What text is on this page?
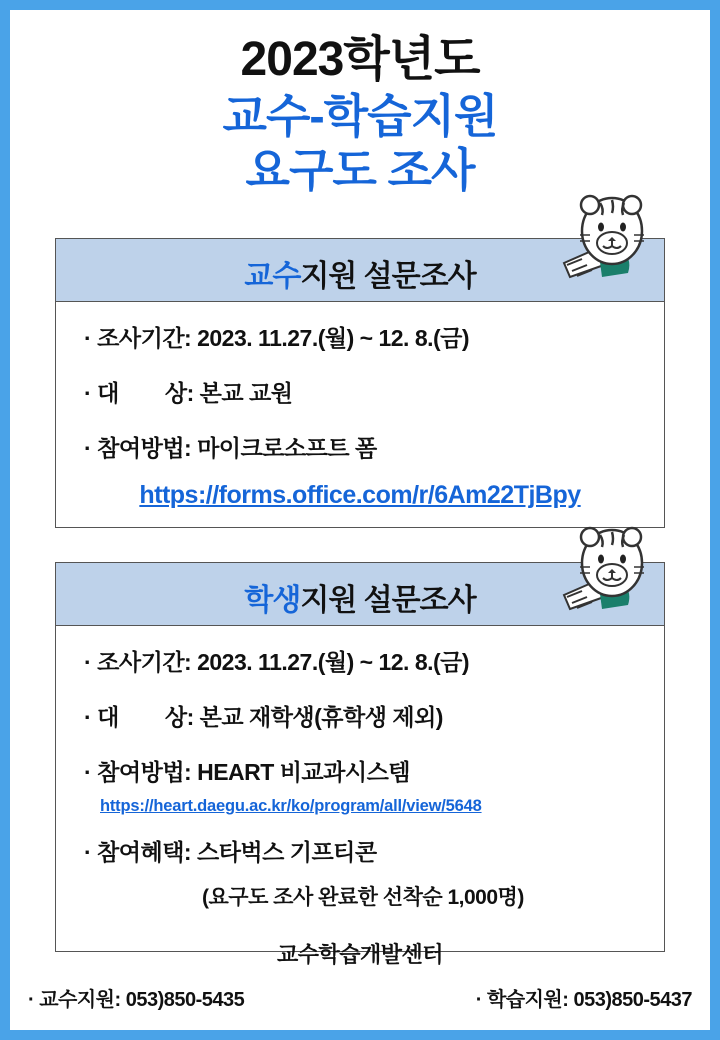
2023학년도
교수-학습지원
요구도 조사
교수지원 설문조사
· 조사기간: 2023. 11.27.(월) ~ 12. 8.(금)
· 대 상: 본교 교원
· 참여방법: 마이크로소프트 폼
https://forms.office.com/r/6Am22TjBpy
학생지원 설문조사
· 조사기간: 2023. 11.27.(월) ~ 12. 8.(금)
· 대 상: 본교 재학생(휴학생 제외)
· 참여방법: HEART 비교과시스템
https://heart.daegu.ac.kr/ko/program/all/view/5648
· 참여혜택: 스타벅스 기프티콘
(요구도 조사 완료한 선착순 1,000명)
교수학습개발센터
· 교수지원: 053)850-5435	· 학습지원: 053)850-5437
